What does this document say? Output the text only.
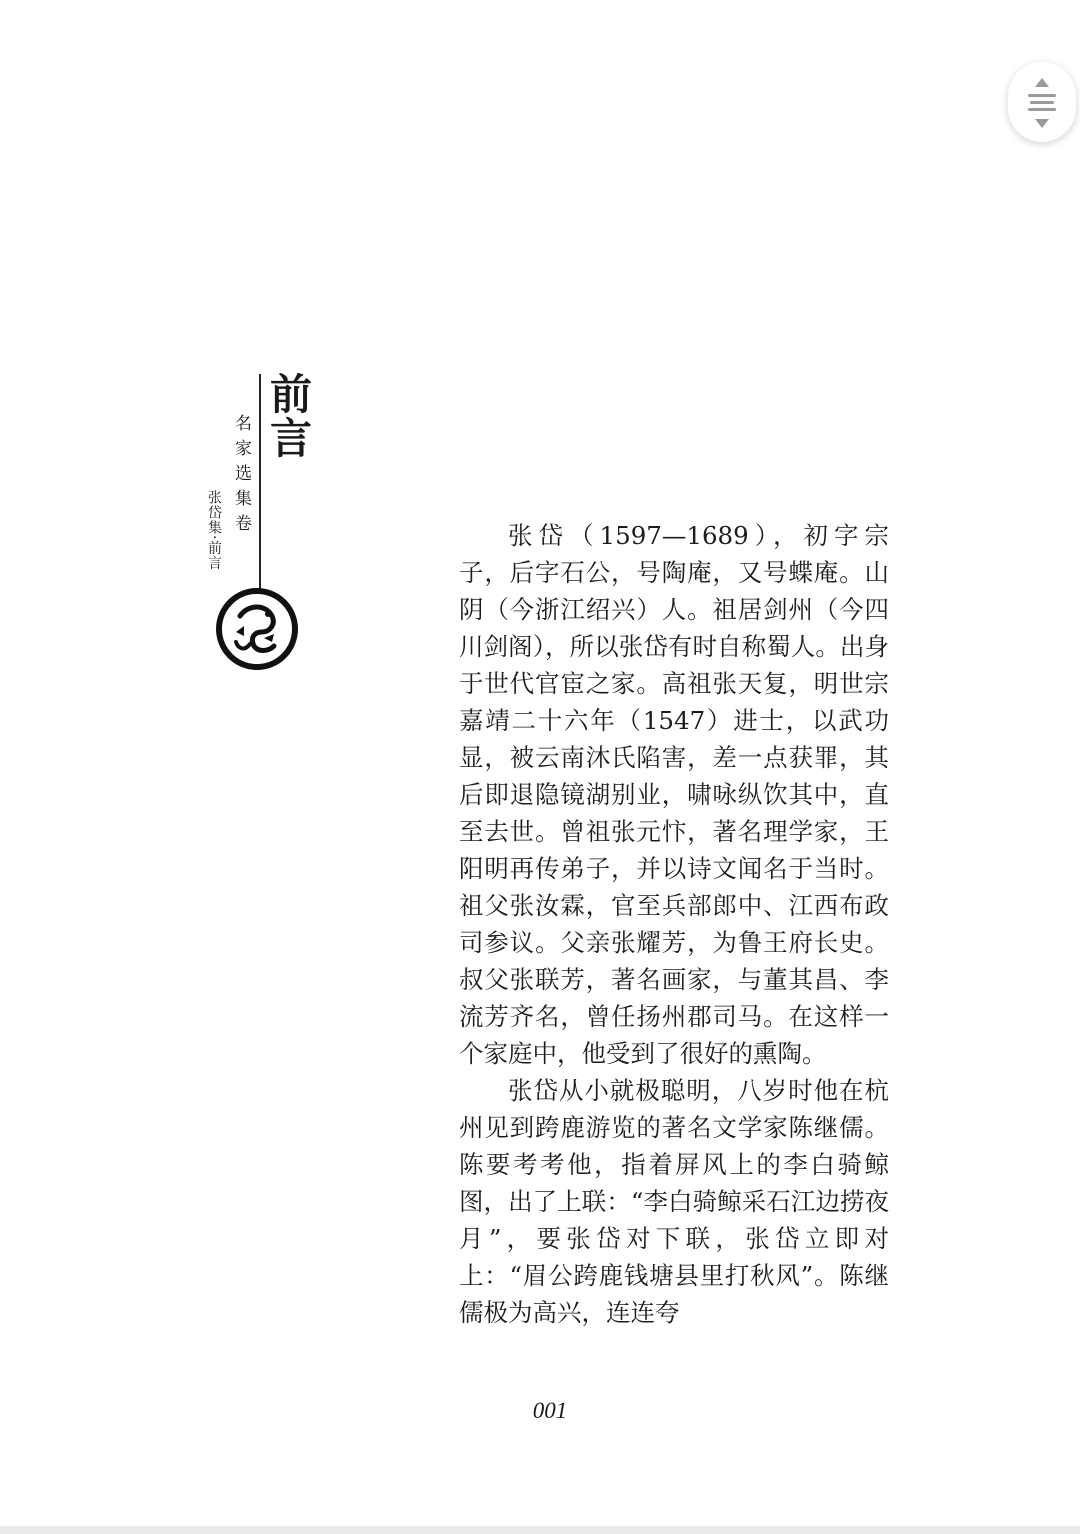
前言
名家选集卷
张岱集·前言	张岱（1597—1689），初字宗子，后字石公，号陶庵，又号蝶庵。山阴（今浙江绍兴）人。祖居剑州（今四川剑阁），所以张岱有时自称蜀人。出身于世代官宦之家。高祖张天复，明世宗嘉靖二十六年（1547）进士，以武功显，被云南沐氏陷害，差一点获罪，其后即退隐镜湖别业，啸咏纵饮其中，直至去世。曾祖张元忭，著名理学家，王阳明再传弟子，并以诗文闻名于当时。祖父张汝霖，官至兵部郎中、江西布政司参议。父亲张耀芳，为鲁王府长史。叔父张联芳，著名画家，与董其昌、李流芳齐名，曾任扬州郡司马。在这样一个家庭中，他受到了很好的熏陶。

张岱从小就极聪明，八岁时他在杭州见到跨鹿游览的著名文学家陈继儒。陈要考考他，指着屏风上的李白骑鲸图，出了上联：“李白骑鲸采石江边捞夜月”，要张岱对下联，张岱立即对上：“眉公跨鹿钱塘县里打秋风”。陈继儒极为高兴，连连夸

001
